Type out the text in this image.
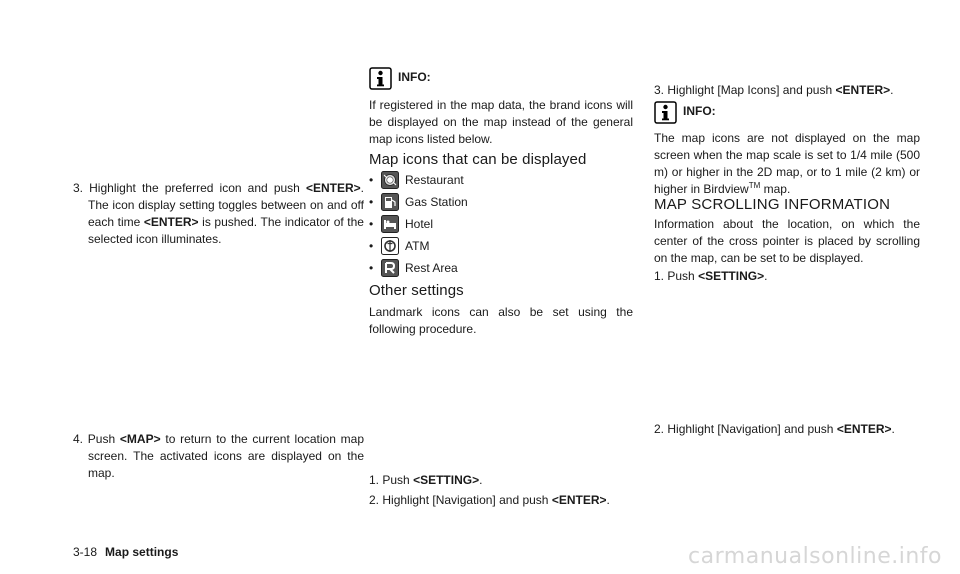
3. Highlight the preferred icon and push <ENTER>. The icon display setting toggles between on and off each time <ENTER> is pushed. The indicator of the selected icon illuminates.

4. Push <MAP> to return to the current location map screen. The activated icons are displayed on the map.

INFO:

If registered in the map data, the brand icons will be displayed on the map instead of the general map icons listed below.

Map icons that can be displayed
•	Restaurant
•	Gas Station
•	Hotel
•	ATM
•	Rest Area
Other settings

Landmark icons can also be set using the following procedure.

1. Push <SETTING>.

2. Highlight [Navigation] and push <ENTER>.

3. Highlight [Map Icons] and push <ENTER>.

INFO:

The map icons are not displayed on the map screen when the map scale is set to 1/4 mile (500 m) or higher in the 2D map, or to 1 mile (2 km) or higher in Birdview™ map.

MAP SCROLLING INFORMATION

Information about the location, on which the center of the cross pointer is placed by scrolling on the map, can be set to be displayed.

1. Push <SETTING>.

2. Highlight [Navigation] and push <ENTER>.

3-18 Map settings	carmanualsonline.info
